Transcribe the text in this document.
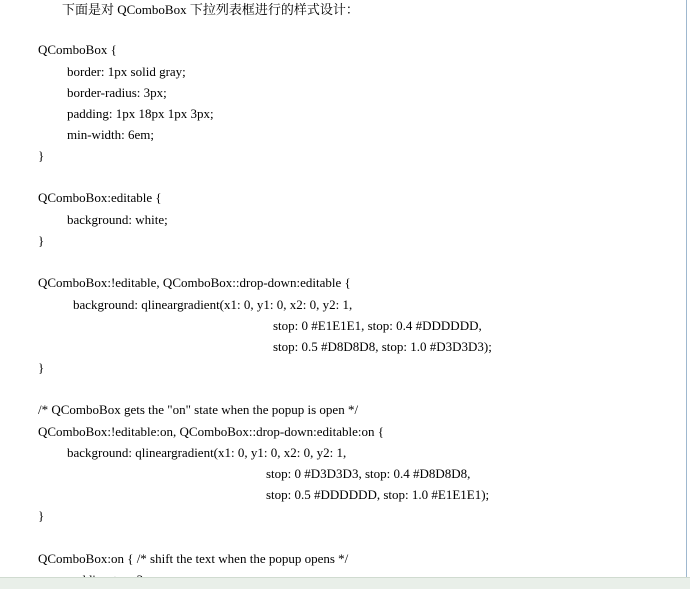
下面是对 QComboBox 下拉列表框进行的样式设计：
QComboBox {
border: 1px solid gray;
border-radius: 3px;
padding: 1px 18px 1px 3px;
min-width: 6em;
}
QComboBox:editable {
background: white;
}
QComboBox:!editable, QComboBox::drop-down:editable {
background: qlineargradient(x1: 0, y1: 0, x2: 0, y2: 1,
stop: 0 #E1E1E1, stop: 0.4 #DDDDDD,
stop: 0.5 #D8D8D8, stop: 1.0 #D3D3D3);
}
/* QComboBox gets the "on" state when the popup is open */
QComboBox:!editable:on, QComboBox::drop-down:editable:on {
background: qlineargradient(x1: 0, y1: 0, x2: 0, y2: 1,
stop: 0 #D3D3D3, stop: 0.4 #D8D8D8,
stop: 0.5 #DDDDDD, stop: 1.0 #E1E1E1);
}
QComboBox:on { /* shift the text when the popup opens */
